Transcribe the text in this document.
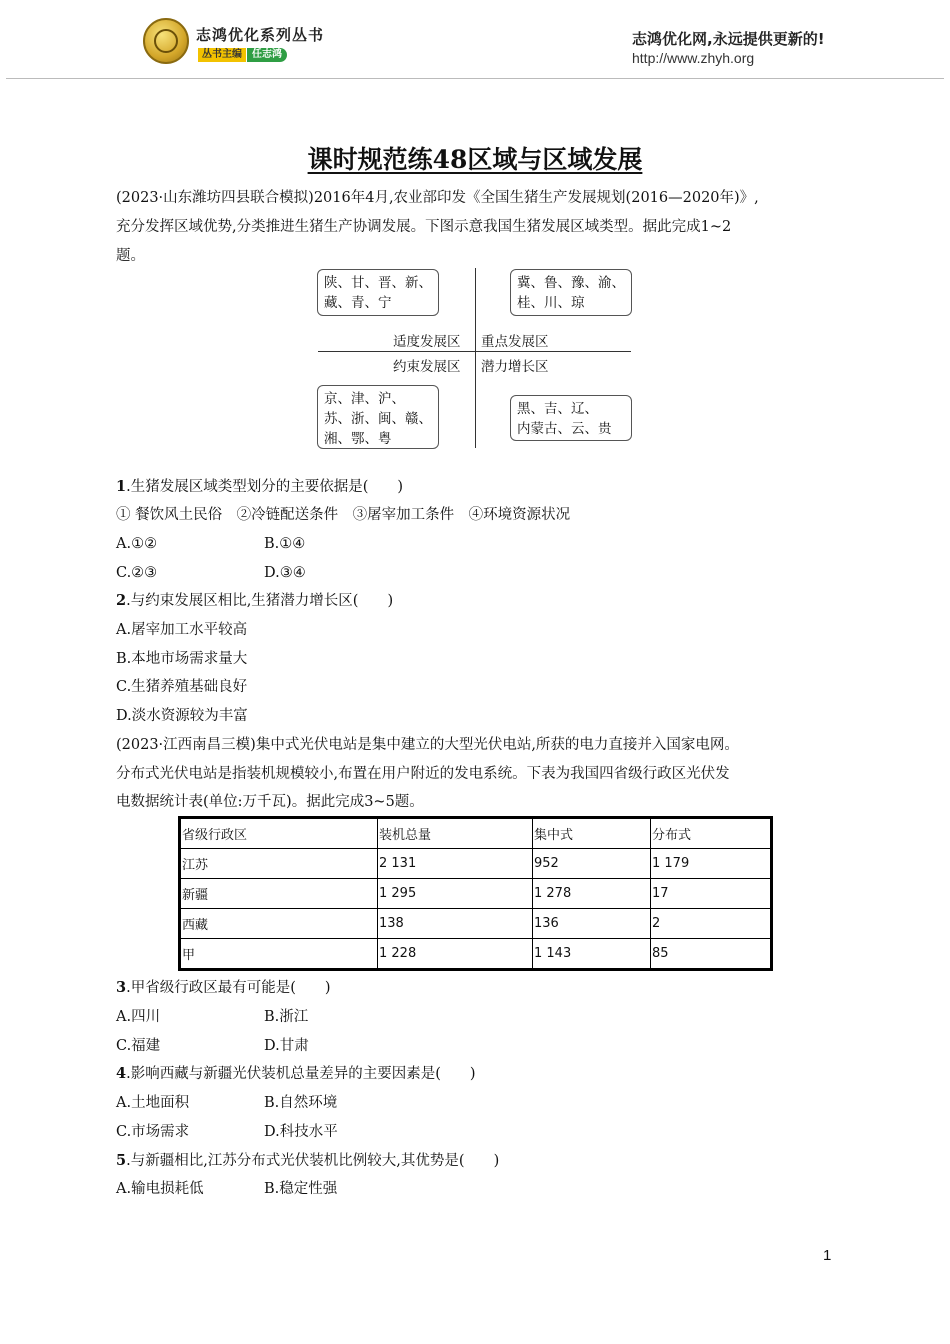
志鸿优化系列丛书
丛书主编	任志鸿
志鸿优化网,永远提供更新的!
http://www.zhyh.org
课时规范练48区域与区域发展
(2023·山东潍坊四县联合模拟)2016年4月,农业部印发《全国生猪生产发展规划(2016—2020年)》,
充分发挥区域优势,分类推进生猪生产协调发展。下图示意我国生猪发展区域类型。据此完成1~2
题。
陕、甘、晋、新、
藏、青、宁
冀、鲁、豫、渝、
桂、川、琼
京、津、沪、
苏、浙、闽、赣、
湘、鄂、粤
黑、吉、辽、
内蒙古、云、贵
适度发展区 重点发展区
约束发展区 潜力增长区
1.生猪发展区域类型划分的主要依据是(　　)
① 餐饮风土民俗　②冷链配送条件　③屠宰加工条件　④环境资源状况
A.①②	B.①④
C.②③	D.③④
2.与约束发展区相比,生猪潜力增长区(　　)
A.屠宰加工水平较高
B.本地市场需求量大
C.生猪养殖基础良好
D.淡水资源较为丰富
(2023·江西南昌三模)集中式光伏电站是集中建立的大型光伏电站,所获的电力直接并入国家电网。
分布式光伏电站是指装机规模较小,布置在用户附近的发电系统。下表为我国四省级行政区光伏发
电数据统计表(单位:万千瓦)。据此完成3~5题。
省级行政区	装机总量	集中式	分布式
江苏	2 131	952	1 179
新疆	1 295	1 278	17
西藏	138	136	2
甲	1 228	1 143	85
3.甲省级行政区最有可能是(　　)
A.四川	B.浙江
C.福建	D.甘肃
4.影响西藏与新疆光伏装机总量差异的主要因素是(　　)
A.土地面积	B.自然环境
C.市场需求	D.科技水平
5.与新疆相比,江苏分布式光伏装机比例较大,其优势是(　　)
A.输电损耗低	B.稳定性强
1
